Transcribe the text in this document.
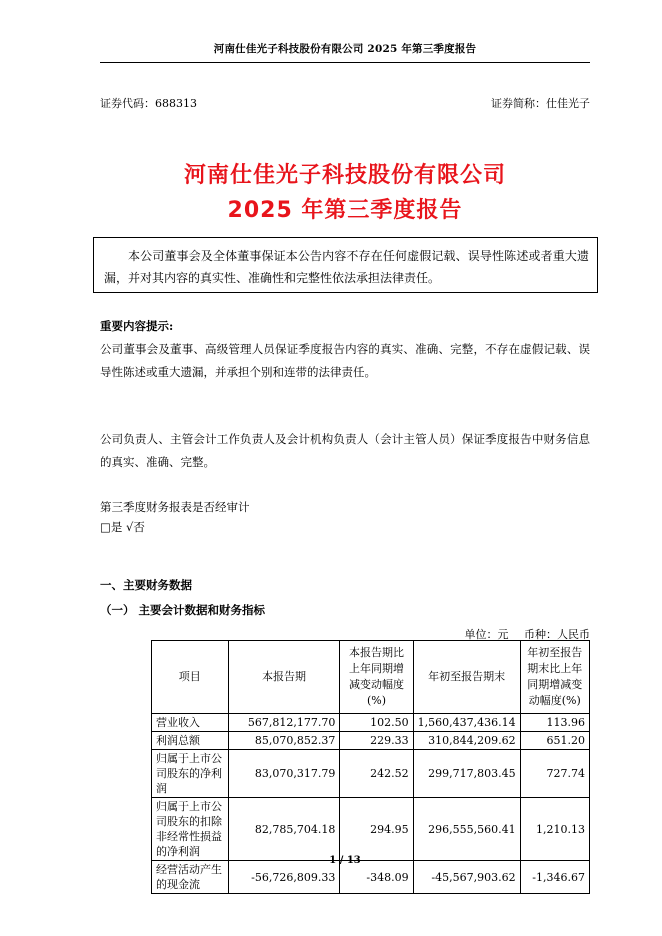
河南仕佳光子科技股份有限公司 2025 年第三季度报告
证券代码：688313	证券简称：仕佳光子
河南仕佳光子科技股份有限公司
2025 年第三季度报告
本公司董事会及全体董事保证本公告内容不存在任何虚假记载、误导性陈述或者重大遗漏，并对其内容的真实性、准确性和完整性依法承担法律责任。
重要内容提示:
公司董事会及董事、高级管理人员保证季度报告内容的真实、准确、完整，不存在虚假记载、误导性陈述或重大遗漏，并承担个别和连带的法律责任。
公司负责人、主管会计工作负责人及会计机构负责人（会计主管人员）保证季度报告中财务信息的真实、准确、完整。
第三季度财务报表是否经审计
□是 √否
一、主要财务数据
（一） 主要会计数据和财务指标
单位：元 币种：人民币
项目	本报告期	本报告期比上年同期增减变动幅度(%)	年初至报告期末	年初至报告期末比上年同期增减变动幅度(%)
营业收入	567,812,177.70	102.50	1,560,437,436.14	113.96
利润总额	85,070,852.37	229.33	310,844,209.62	651.20
归属于上市公司股东的净利润	83,070,317.79	242.52	299,717,803.45	727.74
归属于上市公司股东的扣除非经常性损益的净利润	82,785,704.18	294.95	296,555,560.41	1,210.13
经营活动产生的现金流	-56,726,809.33	-348.09	-45,567,903.62	-1,346.67
1 / 13
